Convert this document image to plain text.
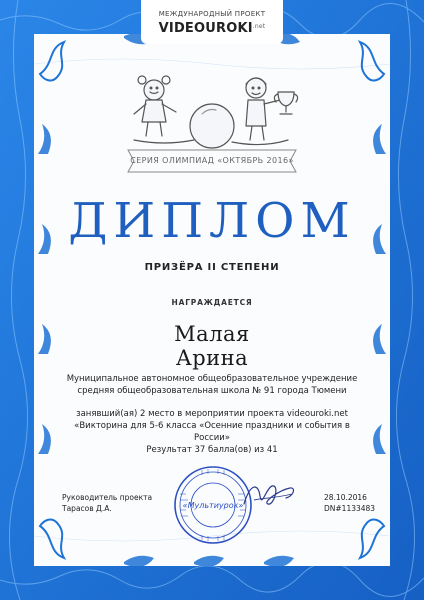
МЕЖДУНАРОДНЫЙ ПРОЕКТ
$VIDEOUROKI^{.net}$
СЕРИЯ ОЛИМПИАД «ОКТЯБРЬ 2016»
ДИПЛОМ
ПРИЗЁРА II СТЕПЕНИ
НАГРАЖДАЕТСЯ
Малая
Арина
Муниципальное автономное общеобразовательное учреждение
средняя общеобразовательная школа № 91 города Тюмени
занявший(ая) 2 место в мероприятии проекта videouroki.net
«Викторина для 5-6 класса «Осенние праздники и события в
России»
Результат 37 балла(ов) из 41
Руководитель проекта
Тарасов Д.А.
28.10.2016
DN#1133483
«Мультиурок»
